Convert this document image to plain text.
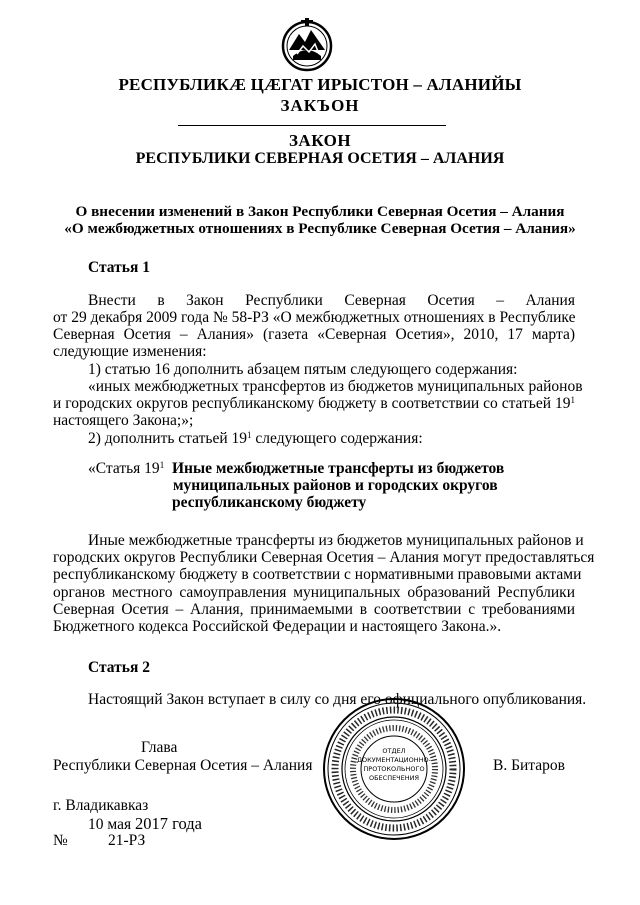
РЕСПУБЛИКÆ ЦÆГАТ ИРЫСТОН – АЛАНИЙЫ
ЗАКЪОН
ЗАКОН
РЕСПУБЛИКИ СЕВЕРНАЯ ОСЕТИЯ – АЛАНИЯ
О внесении изменений в Закон Республики Северная Осетия – Алания
«О межбюджетных отношениях в Республике Северная Осетия – Алания»
Статья 1
Внести в Закон Республики Северная Осетия – Алания
от 29 декабря 2009 года № 58-РЗ «О межбюджетных отношениях в Республике
Северная Осетия – Алания» (газета «Северная Осетия», 2010, 17 марта)
следующие изменения:
1) статью 16 дополнить абзацем пятым следующего содержания:
«иных межбюджетных трансфертов из бюджетов муниципальных районов
и городских округов республиканскому бюджету в соответствии со статьей $19^1$
настоящего Закона;»;
2) дополнить статьей $19^1$ следующего содержания:
«Статья $19^1$ Иные межбюджетные трансферты из бюджетов
муниципальных районов и городских округов
республиканскому бюджету
Иные межбюджетные трансферты из бюджетов муниципальных районов и
городских округов Республики Северная Осетия – Алания могут предоставляться
республиканскому бюджету в соответствии с нормативными правовыми актами
органов местного самоуправления муниципальных образований Республики
Северная Осетия – Алания, принимаемыми в соответствии с требованиями
Бюджетного кодекса Российской Федерации и настоящего Закона.».
Статья 2
Настоящий Закон вступает в силу со дня его официального опубликования.
ОТДЕЛ
ДОКУМЕНТАЦИОННО-
ПРОТОКОЛЬНОГО
ОБЕСПЕЧЕНИЯ
Глава
Республики Северная Осетия – Алания	В. Битаров
г. Владикавказ
10 мая 2017 года
№	21-РЗ
